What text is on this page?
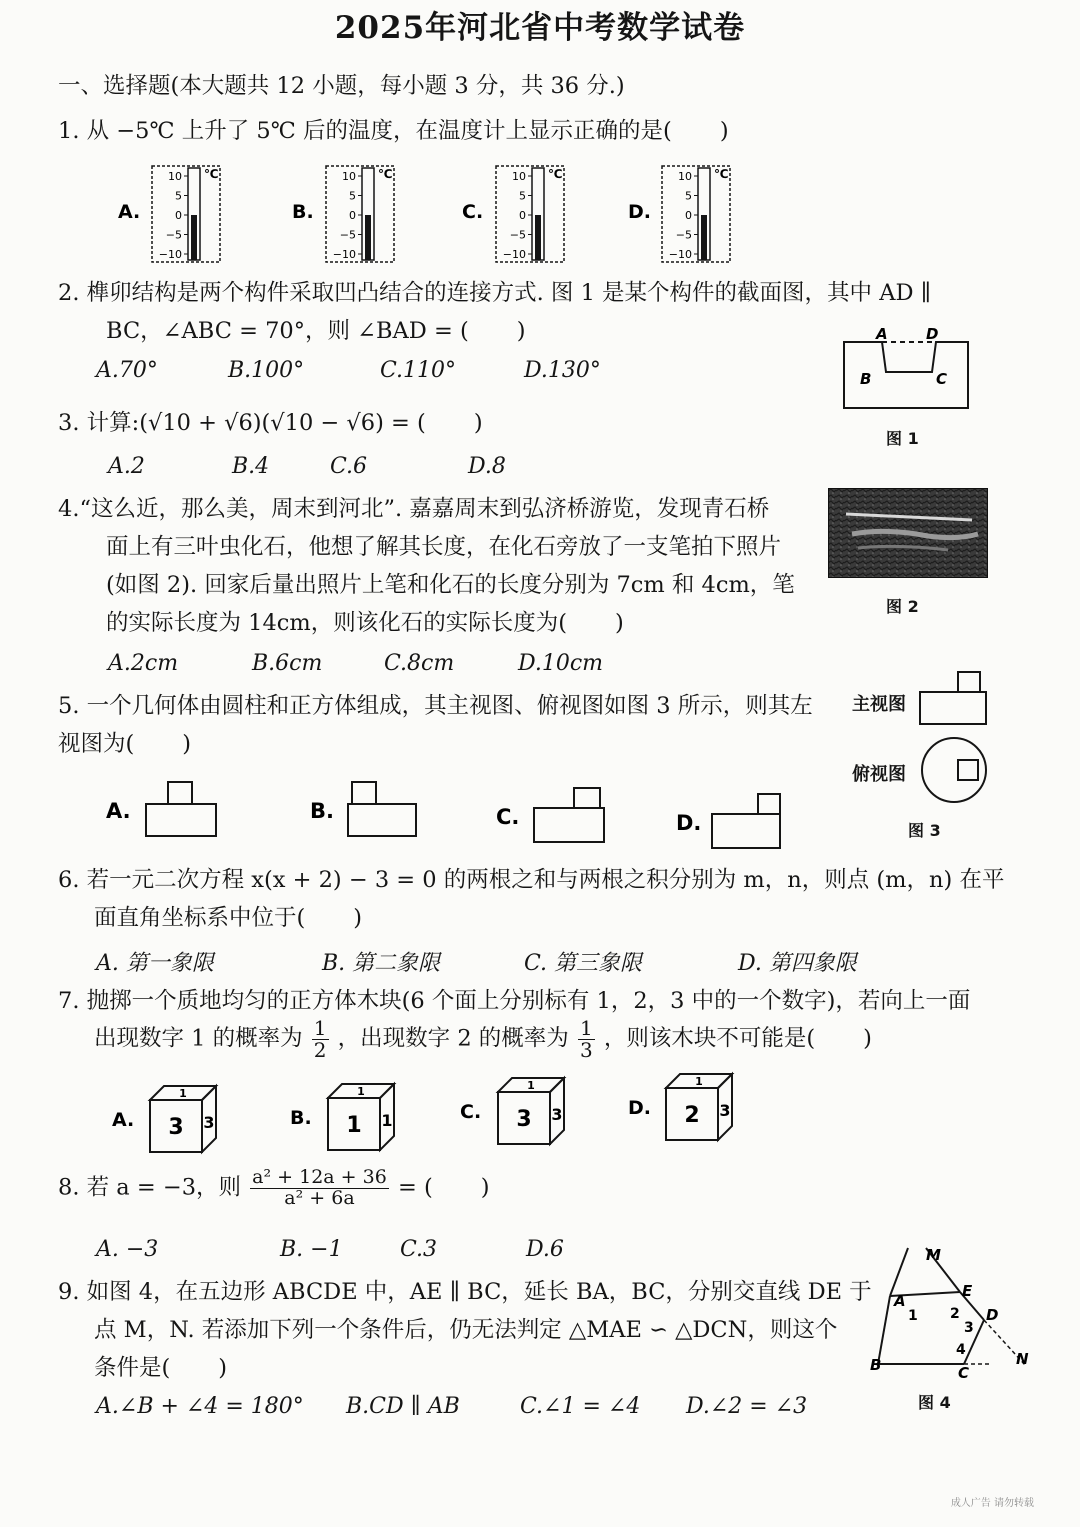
2025年河北省中考数学试卷
一、选择题(本大题共 12 小题，每小题 3 分，共 36 分.)
1. 从 −5℃ 上升了 5℃ 后的温度，在温度计上显示正确的是( )
A.
10
5
0
−5
−10
℃
B.
10
5
0
−5
−10
℃
C.
10
5
0
−5
−10
℃
D.
10
5
0
−5
−10
℃
2. 榫卯结构是两个构件采取凹凸结合的连接方式. 图 1 是某个构件的截面图，其中 AD ∥
BC，∠ABC = 70°，则 ∠BAD = ( )
A.70°	B.100°	C.110°	D.130°
A	D
B	C
图 1
3. 计算:(√10 + √6)(√10 − √6) = ( )
A.2	B.4	C.6	D.8
4.“这么近，那么美，周末到河北”. 嘉嘉周末到弘济桥游览，发现青石桥
面上有三叶虫化石，他想了解其长度，在化石旁放了一支笔拍下照片
(如图 2). 回家后量出照片上笔和化石的长度分别为 7cm 和 4cm，笔
的实际长度为 14cm，则该化石的实际长度为( )
A.2cm	B.6cm	C.8cm	D.10cm
图 2
5. 一个几何体由圆柱和正方体组成，其主视图、俯视图如图 3 所示，则其左
视图为( )
A.	B.	C.	D.
主视图
俯视图
图 3
6. 若一元二次方程 x(x + 2) − 3 = 0 的两根之和与两根之积分别为 m，n，则点 (m，n) 在平
面直角坐标系中位于( )
A. 第一象限	B. 第二象限	C. 第三象限	D. 第四象限
7. 抛掷一个质地均匀的正方体木块(6 个面上分别标有 1，2，3 中的一个数字)，若向上一面
出现数字 1 的概率为 $\frac{1}{2}$ ，出现数字 2 的概率为 $\frac{1}{3}$ ，则该木块不可能是( )
A.
1
3 3	B.
1
1 1	C.
1
3 3	D.
1
2 3
8. 若 a = −3，则 $\frac{\text{a² + 12a + 36}}{\text{a² + 6a}}$ = ( )
A. −3	B. −1	C.3	D.6
9. 如图 4，在五边形 ABCDE 中，AE ∥ BC，延长 BA，BC，分别交直线 DE 于
点 M，N. 若添加下列一个条件后，仍无法判定 △MAE ∽ △DCN，则这个
条件是( )
A.∠B + ∠4 = 180° B.CD ∥ AB	C.∠1 = ∠4 D.∠2 = ∠3
M
A
E
1 2 D
3
4
B	C
N
图 4
成人广告 请勿转载
